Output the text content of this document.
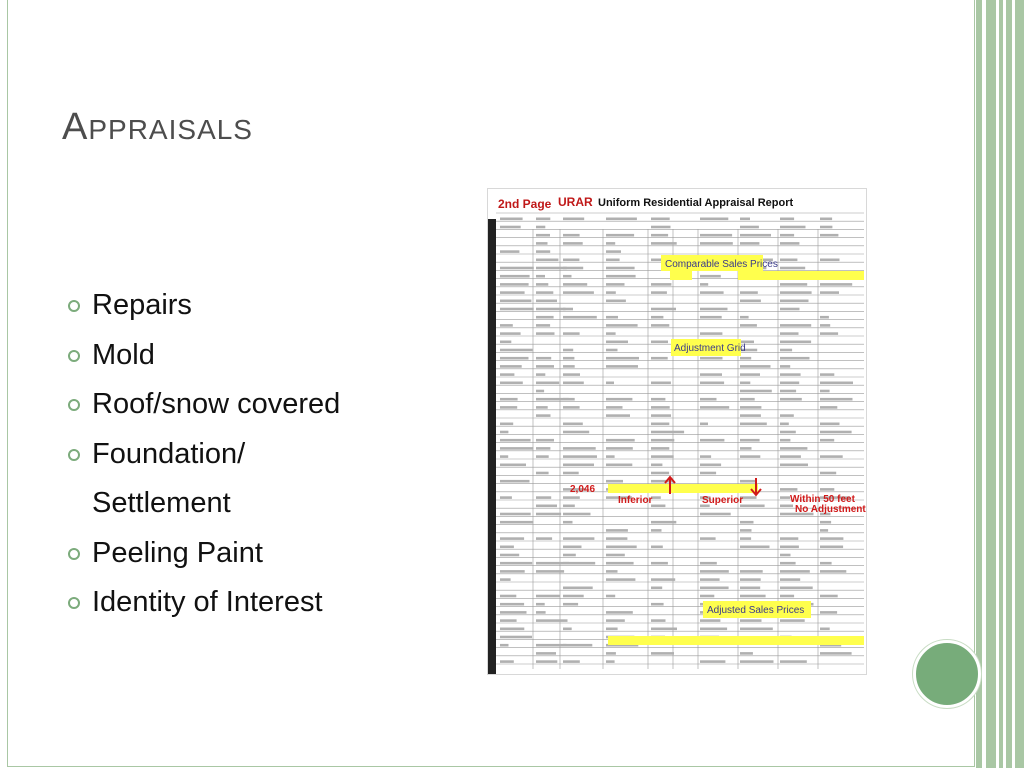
APPRAISALS
Repairs
Mold
Roof/snow covered
Foundation/
Settlement
Peeling Paint
Identity of Interest
2nd Page URAR Uniform Residential Appraisal Report
Comparable Sales Prices
Adjustment Grid
Adjusted Sales Prices
2,046
Inferior	Superior	Within 50 feet
No Adjustment
